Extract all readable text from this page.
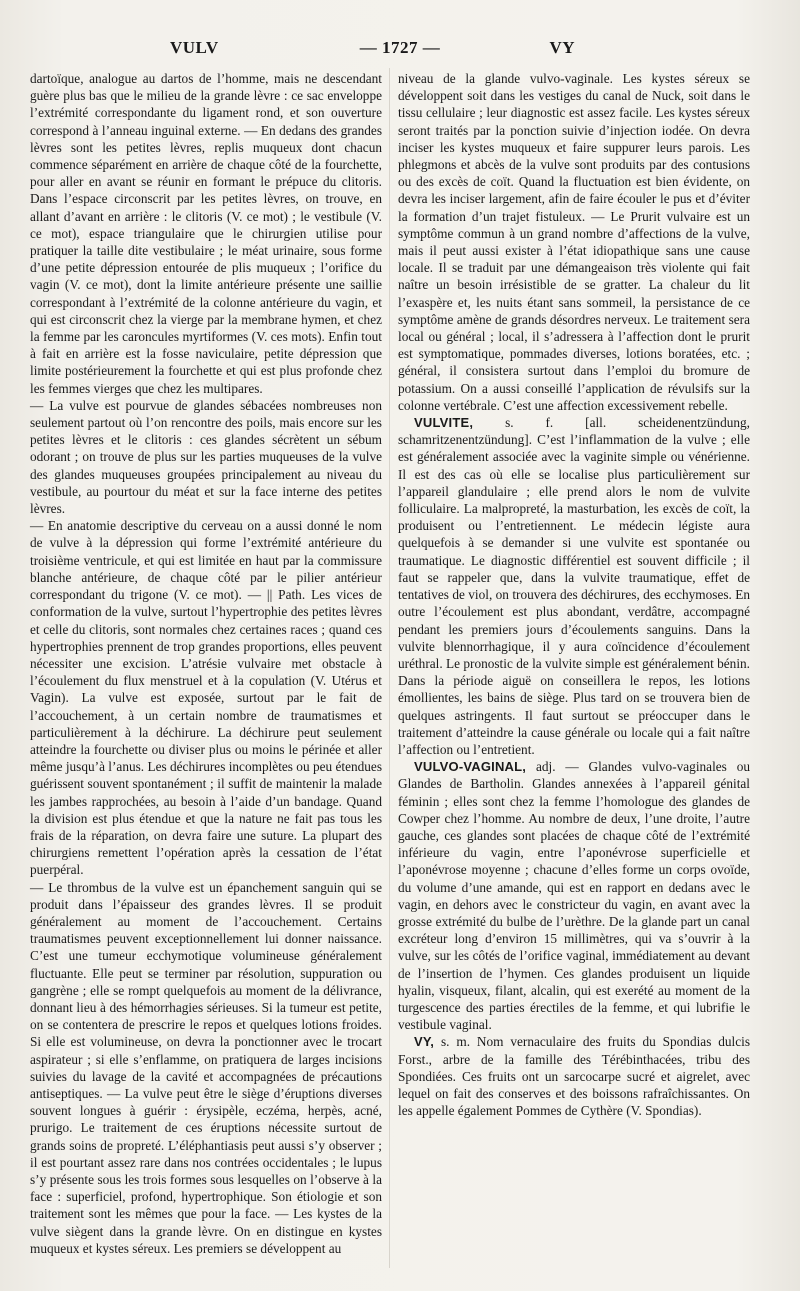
VULV	— 1727 —	VY

dartoïque, analogue au dartos de l’homme, mais ne descendant guère plus bas que le milieu de la grande lèvre : ce sac enveloppe l’extrémité correspondante du ligament rond, et son ouverture correspond à l’anneau inguinal externe. — En dedans des grandes lèvres sont les petites lèvres, replis muqueux dont chacun commence séparément en arrière de chaque côté de la fourchette, pour aller en avant se réunir en formant le prépuce du clitoris. Dans l’espace circonscrit par les petites lèvres, on trouve, en allant d’avant en arrière : le clitoris (V. ce mot) ; le vestibule (V. ce mot), espace triangulaire que le chirurgien utilise pour pratiquer la taille dite vestibulaire ; le méat urinaire, sous forme d’une petite dépression entourée de plis muqueux ; l’orifice du vagin (V. ce mot), dont la limite antérieure présente une saillie correspondant à l’extrémité de la colonne antérieure du vagin, et qui est circonscrit chez la vierge par la membrane hymen, et chez la femme par les caroncules myrtiformes (V. ces mots). Enfin tout à fait en arrière est la fosse naviculaire, petite dépression que limite postérieurement la fourchette et qui est plus profonde chez les femmes vierges que chez les multipares.

— La vulve est pourvue de glandes sébacées nombreuses non seulement partout où l’on rencontre des poils, mais encore sur les petites lèvres et le clitoris : ces glandes sécrètent un sébum odorant ; on trouve de plus sur les parties muqueuses de la vulve des glandes muqueuses groupées principalement au niveau du vestibule, au pourtour du méat et sur la face interne des petites lèvres.

— En anatomie descriptive du cerveau on a aussi donné le nom de vulve à la dépression qui forme l’extrémité antérieure du troisième ventricule, et qui est limitée en haut par la commissure blanche antérieure, de chaque côté par le pilier antérieur correspondant du trigone (V. ce mot). — || Path. Les vices de conformation de la vulve, surtout l’hypertrophie des petites lèvres et celle du clitoris, sont normales chez certaines races ; quand ces hypertrophies prennent de trop grandes proportions, elles peuvent nécessiter une excision. L’atrésie vulvaire met obstacle à l’écoulement du flux menstruel et à la copulation (V. Utérus et Vagin). La vulve est exposée, surtout par le fait de l’accouchement, à un certain nombre de traumatismes et particulièrement à la déchirure. La déchirure peut seulement atteindre la fourchette ou diviser plus ou moins le périnée et aller même jusqu’à l’anus. Les déchirures incomplètes ou peu étendues guérissent souvent spontanément ; il suffit de maintenir la malade les jambes rapprochées, au besoin à l’aide d’un bandage. Quand la division est plus étendue et que la nature ne fait pas tous les frais de la réparation, on devra faire une suture. La plupart des chirurgiens remettent l’opération après la cessation de l’état puerpéral.

— Le thrombus de la vulve est un épanchement sanguin qui se produit dans l’épaisseur des grandes lèvres. Il se produit généralement au moment de l’accouchement. Certains traumatismes peuvent exceptionnellement lui donner naissance. C’est une tumeur ecchymotique volumineuse généralement fluctuante. Elle peut se terminer par résolution, suppuration ou gangrène ; elle se rompt quelquefois au moment de la délivrance, donnant lieu à des hémorrhagies sérieuses. Si la tumeur est petite, on se contentera de prescrire le repos et quelques lotions froides. Si elle est volumineuse, on devra la ponctionner avec le trocart aspirateur ; si elle s’enflamme, on pratiquera de larges incisions suivies du lavage de la cavité et accompagnées de précautions antiseptiques. — La vulve peut être le siège d’éruptions diverses souvent longues à guérir : érysipèle, eczéma, herpès, acné, prurigo. Le traitement de ces éruptions nécessite surtout de grands soins de propreté. L’éléphantiasis peut aussi s’y observer ; il est pourtant assez rare dans nos contrées occidentales ; le lupus s’y présente sous les trois formes sous lesquelles on l’observe à la face : superficiel, profond, hypertrophique. Son étiologie et son traitement sont les mêmes que pour la face. — Les kystes de la vulve siègent dans la grande lèvre. On en distingue en kystes muqueux et kystes séreux. Les premiers se développent au

niveau de la glande vulvo-vaginale. Les kystes séreux se développent soit dans les vestiges du canal de Nuck, soit dans le tissu cellulaire ; leur diagnostic est assez facile. Les kystes séreux seront traités par la ponction suivie d’injection iodée. On devra inciser les kystes muqueux et faire suppurer leurs parois. Les phlegmons et abcès de la vulve sont produits par des contusions ou des excès de coït. Quand la fluctuation est bien évidente, on devra les inciser largement, afin de faire écouler le pus et d’éviter la formation d’un trajet fistuleux. — Le Prurit vulvaire est un symptôme commun à un grand nombre d’affections de la vulve, mais il peut aussi exister à l’état idiopathique sans une cause locale. Il se traduit par une démangeaison très violente qui fait naître un besoin irrésistible de se gratter. La chaleur du lit l’exaspère et, les nuits étant sans sommeil, la persistance de ce symptôme amène de grands désordres nerveux. Le traitement sera local ou général ; local, il s’adressera à l’affection dont le prurit est symptomatique, pommades diverses, lotions boratées, etc. ; général, il consistera surtout dans l’emploi du bromure de potassium. On a aussi conseillé l’application de révulsifs sur la colonne vertébrale. C’est une affection excessivement rebelle.

VULVITE, s. f. [all. scheidenentzündung, schamritzenentzündung]. C’est l’inflammation de la vulve ; elle est généralement associée avec la vaginite simple ou vénérienne. Il est des cas où elle se localise plus particulièrement sur l’appareil glandulaire ; elle prend alors le nom de vulvite folliculaire. La malpropreté, la masturbation, les excès de coït, la produisent ou l’entretiennent. Le médecin légiste aura quelquefois à se demander si une vulvite est spontanée ou traumatique. Le diagnostic différentiel est souvent difficile ; il faut se rappeler que, dans la vulvite traumatique, effet de tentatives de viol, on trouvera des déchirures, des ecchymoses. En outre l’écoulement est plus abondant, verdâtre, accompagné pendant les premiers jours d’écoulements sanguins. Dans la vulvite blennorrhagique, il y aura coïncidence d’écoulement uréthral. Le pronostic de la vulvite simple est généralement bénin. Dans la période aiguë on conseillera le repos, les lotions émollientes, les bains de siège. Plus tard on se trouvera bien de quelques astringents. Il faut surtout se préoccuper dans le traitement d’atteindre la cause générale ou locale qui a fait naître l’affection ou l’entretient.

VULVO-VAGINAL, adj. — Glandes vulvo-vaginales ou Glandes de Bartholin. Glandes annexées à l’appareil génital féminin ; elles sont chez la femme l’homologue des glandes de Cowper chez l’homme. Au nombre de deux, l’une droite, l’autre gauche, ces glandes sont placées de chaque côté de l’extrémité inférieure du vagin, entre l’aponévrose superficielle et l’aponévrose moyenne ; chacune d’elles forme un corps ovoïde, du volume d’une amande, qui est en rapport en dedans avec le vagin, en dehors avec le constricteur du vagin, en avant avec la grosse extrémité du bulbe de l’urèthre. De la glande part un canal excréteur long d’environ 15 millimètres, qui va s’ouvrir à la vulve, sur les côtés de l’orifice vaginal, immédiatement au devant de l’insertion de l’hymen. Ces glandes produisent un liquide hyalin, visqueux, filant, alcalin, qui est exerété au moment de la turgescence des parties érectiles de la femme, et qui lubrifie le vestibule vaginal.

VY, s. m. Nom vernaculaire des fruits du Spondias dulcis Forst., arbre de la famille des Térébinthacées, tribu des Spondiées. Ces fruits ont un sarcocarpe sucré et aigrelet, avec lequel on fait des conserves et des boissons rafraîchissantes. On les appelle également Pommes de Cythère (V. Spondias).
